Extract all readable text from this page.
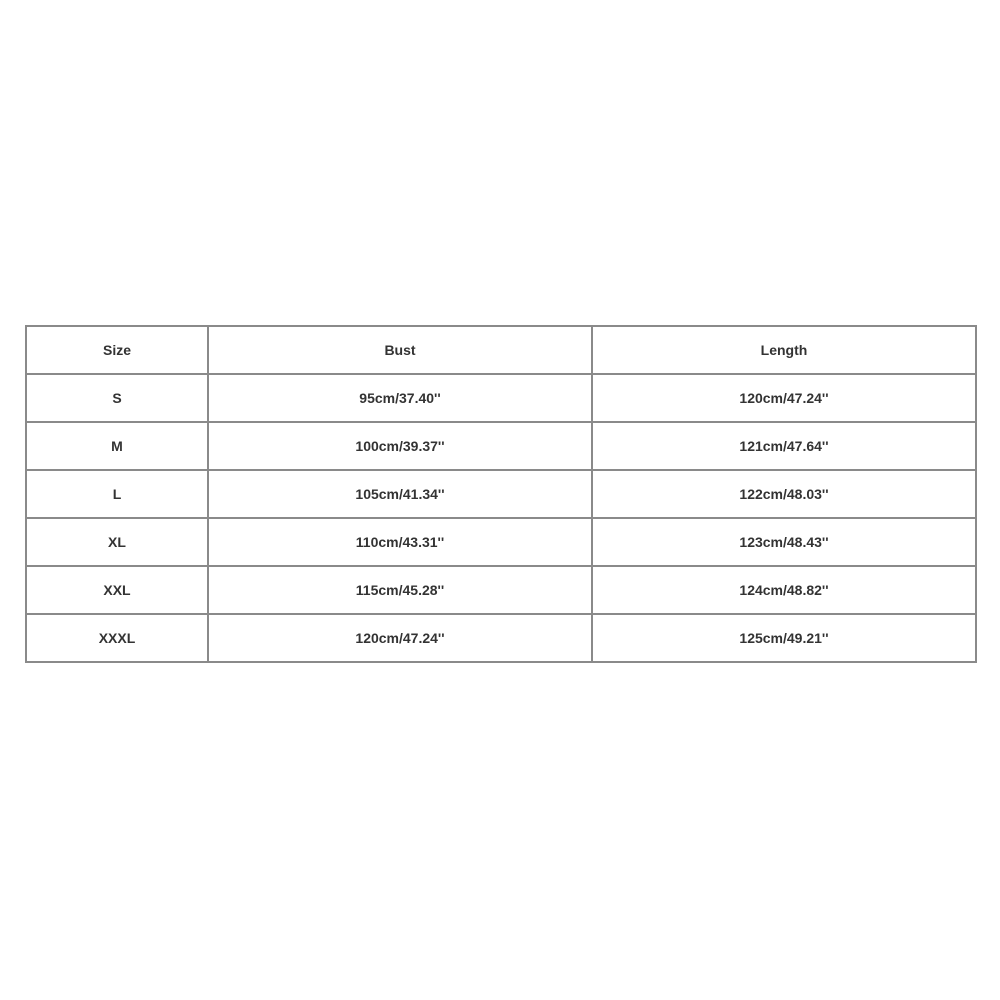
Size	Bust	Length
S	95cm/37.40''	120cm/47.24''
M	100cm/39.37''	121cm/47.64''
L	105cm/41.34''	122cm/48.03''
XL	110cm/43.31''	123cm/48.43''
XXL	115cm/45.28''	124cm/48.82''
XXXL	120cm/47.24''	125cm/49.21''
